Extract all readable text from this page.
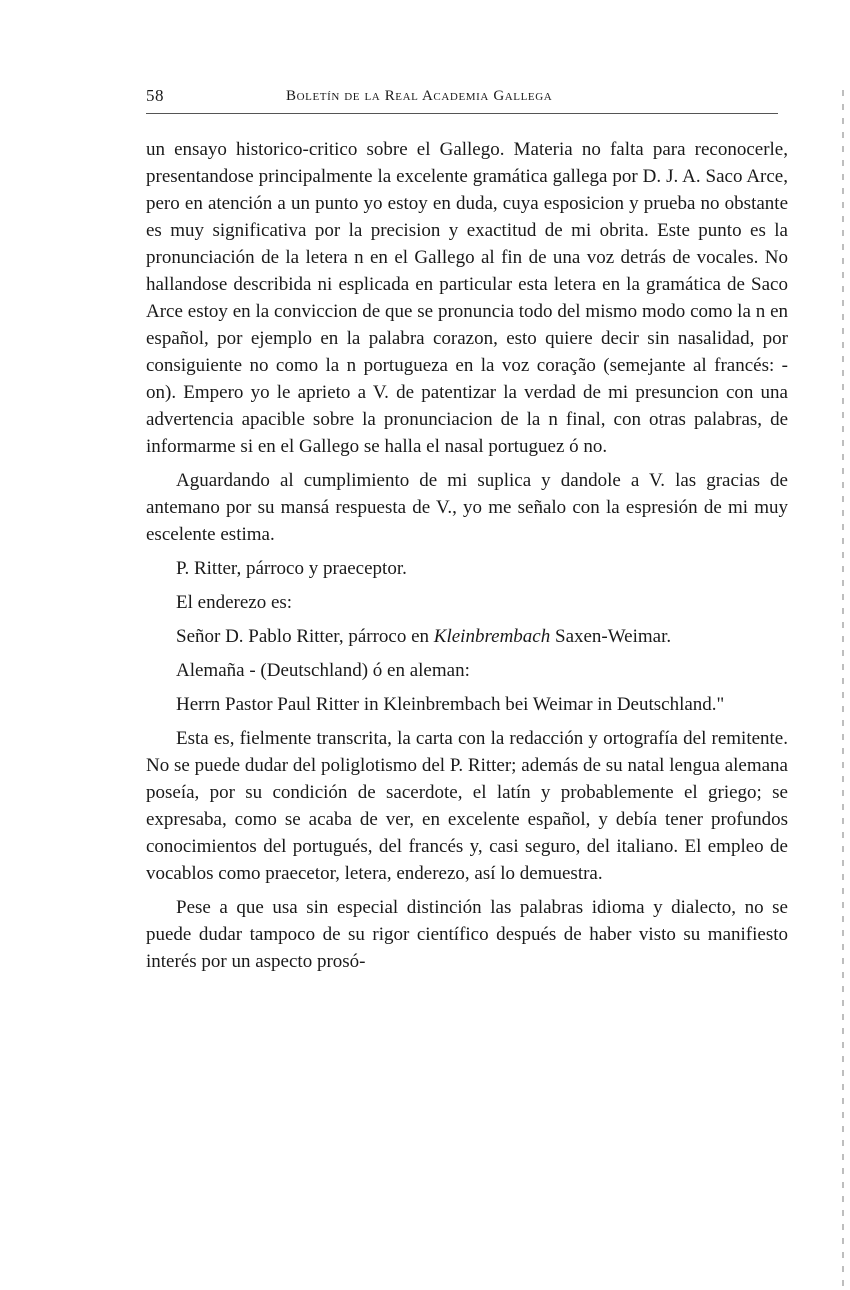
58	Boletín de la Real Academia Gallega

un ensayo historico-critico sobre el Gallego. Materia no falta para reconocerle, presentandose principalmente la excelente gramática gallega por D. J. A. Saco Arce, pero en atención a un punto yo estoy en duda, cuya esposicion y prueba no obstante es muy significativa por la precision y exactitud de mi obrita. Este punto es la pronunciación de la letera n en el Gallego al fin de una voz detrás de vocales. No hallandose describida ni esplicada en particular esta letera en la gramática de Saco Arce estoy en la conviccion de que se pronuncia todo del mismo modo como la n en español, por ejemplo en la palabra corazon, esto quiere decir sin nasalidad, por consiguiente no como la n portugueza en la voz coração (semejante al francés: - on). Empero yo le aprieto a V. de patentizar la verdad de mi presuncion con una advertencia apacible sobre la pronunciacion de la n final, con otras palabras, de informarme si en el Gallego se halla el nasal portuguez ó no.

Aguardando al cumplimiento de mi suplica y dandole a V. las gracias de antemano por su mansá respuesta de V., yo me señalo con la espresión de mi muy escelente estima.

P. Ritter, párroco y praeceptor.

El enderezo es:

Señor D. Pablo Ritter, párroco en Kleinbrembach Saxen-Weimar.

Alemaña - (Deutschland) ó en aleman:

Herrn Pastor Paul Ritter in Kleinbrembach bei Weimar in Deutschland."

Esta es, fielmente transcrita, la carta con la redacción y ortografía del remitente. No se puede dudar del poliglotismo del P. Ritter; además de su natal lengua alemana poseía, por su condición de sacerdote, el latín y probablemente el griego; se expresaba, como se acaba de ver, en excelente español, y debía tener profundos conocimientos del portugués, del francés y, casi seguro, del italiano. El empleo de vocablos como praecetor, letera, enderezo, así lo demuestra.

Pese a que usa sin especial distinción las palabras idioma y dialecto, no se puede dudar tampoco de su rigor científico después de haber visto su manifiesto interés por un aspecto prosó-
